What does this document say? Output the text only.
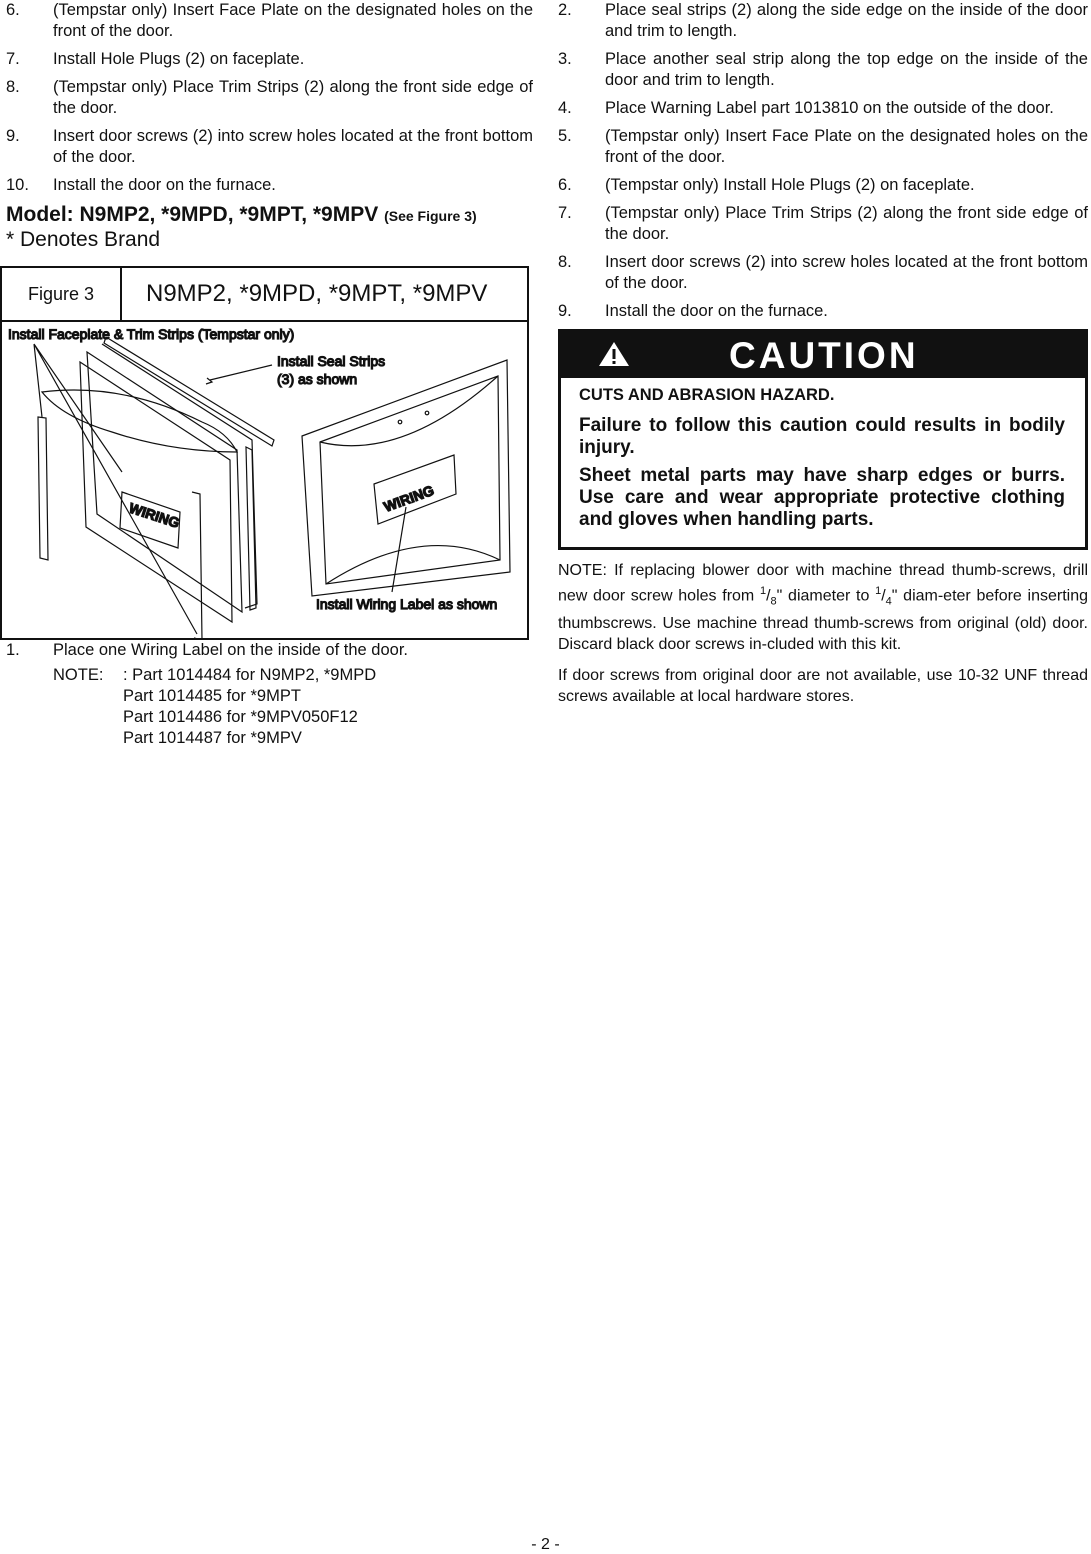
6.	(Tempstar only) Insert Face Plate on the designated holes on the front of the door.
7.	Install Hole Plugs (2) on faceplate.
8.	(Tempstar only) Place Trim Strips (2) along the front side edge of the door.
9.	Insert door screws (2) into screw holes located at the front bottom of the door.
10.	Install the door on the furnace.
Model: N9MP2, *9MPD, *9MPT, *9MPV (See Figure 3)
* Denotes Brand
Figure 3	N9MP2, *9MPD, *9MPT, *9MPV
Install Faceplate & Trim Strips (Tempstar only)
Install Seal Strips
(3) as shown
Install Wiring Label as shown
WIRING
WIRING
1.	Place one Wiring Label on the inside of the door.
NOTE:	: Part 1014484 for N9MP2, *9MPD
Part 1014485 for *9MPT
Part 1014486 for *9MPV050F12
Part 1014487 for *9MPV
2.	Place seal strips (2) along the side edge on the inside of the door and trim to length.
3.	Place another seal strip along the top edge on the inside of the door and trim to length.
4.	Place Warning Label part 1013810 on the outside of the door.
5.	(Tempstar only) Insert Face Plate on the designated holes on the front of the door.
6.	(Tempstar only) Install Hole Plugs (2) on faceplate.
7.	(Tempstar only) Place Trim Strips (2) along the front side edge of the door.
8.	Insert door screws (2) into screw holes located at the front bottom of the door.
9.	Install the door on the furnace.
CAUTION
CUTS AND ABRASION HAZARD.

Failure to follow this caution could results in bodily injury.

Sheet metal parts may have sharp edges or burrs. Use care and wear appropriate protective clothing and gloves when handling parts.

NOTE: If replacing blower door with machine thread thumb-screws, drill new door screw holes from $^1/_8$" diameter to $^1/_4$" diam-eter before inserting thumbscrews. Use machine thread thumb-screws from original (old) door. Discard black door screws in-cluded with this kit.
If door screws from original door are not available, use 10-32 UNF thread screws available at local hardware stores.
- 2 -
